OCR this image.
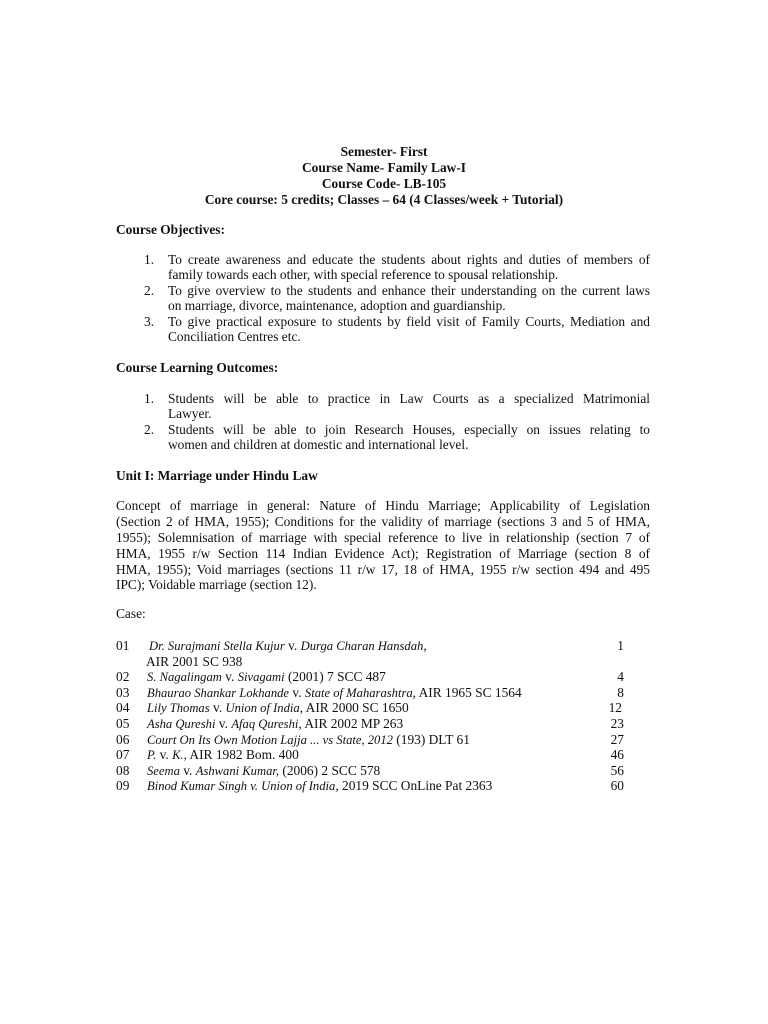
Semester- First
Course Name- Family Law-I
Course Code- LB-105
Core course: 5 credits; Classes – 64 (4 Classes/week + Tutorial)
Course Objectives:
1. To create awareness and educate the students about rights and duties of members of
family towards each other, with special reference to spousal relationship.
2. To give overview to the students and enhance their understanding on the current laws
on marriage, divorce, maintenance, adoption and guardianship.
3. To give practical exposure to students by field visit of Family Courts, Mediation and
Conciliation Centres etc.
Course Learning Outcomes:
1. Students will be able to practice in Law Courts as a specialized Matrimonial
Lawyer.
2. Students will be able to join Research Houses, especially on issues relating to
women and children at domestic and international level.
Unit I: Marriage under Hindu Law
Concept of marriage in general: Nature of Hindu Marriage; Applicability of Legislation
(Section 2 of HMA, 1955); Conditions for the validity of marriage (sections 3 and 5 of HMA,
1955); Solemnisation of marriage with special reference to live in relationship (section 7 of
HMA, 1955 r/w Section 114 Indian Evidence Act); Registration of Marriage (section 8 of
HMA, 1955); Void marriages (sections 11 r/w 17, 18 of HMA, 1955 r/w section 494 and 495
IPC); Voidable marriage (section 12).
Case:
01 Dr. Surajmani Stella Kujur v. Durga Charan Hansdah,	1
AIR 2001 SC 938
02 S. Nagalingam v. Sivagami (2001) 7 SCC 487	4
03 Bhaurao Shankar Lokhande v. State of Maharashtra, AIR 1965 SC 1564	8
04 Lily Thomas v. Union of India, AIR 2000 SC 1650	12
05 Asha Qureshi v. Afaq Qureshi, AIR 2002 MP 263	23
06 Court On Its Own Motion Lajja ... vs State, 2012 (193) DLT 61	27
07 P. v. K., AIR 1982 Bom. 400	46
08 Seema v. Ashwani Kumar, (2006) 2 SCC 578	56
09 Binod Kumar Singh v. Union of India, 2019 SCC OnLine Pat 2363	60
